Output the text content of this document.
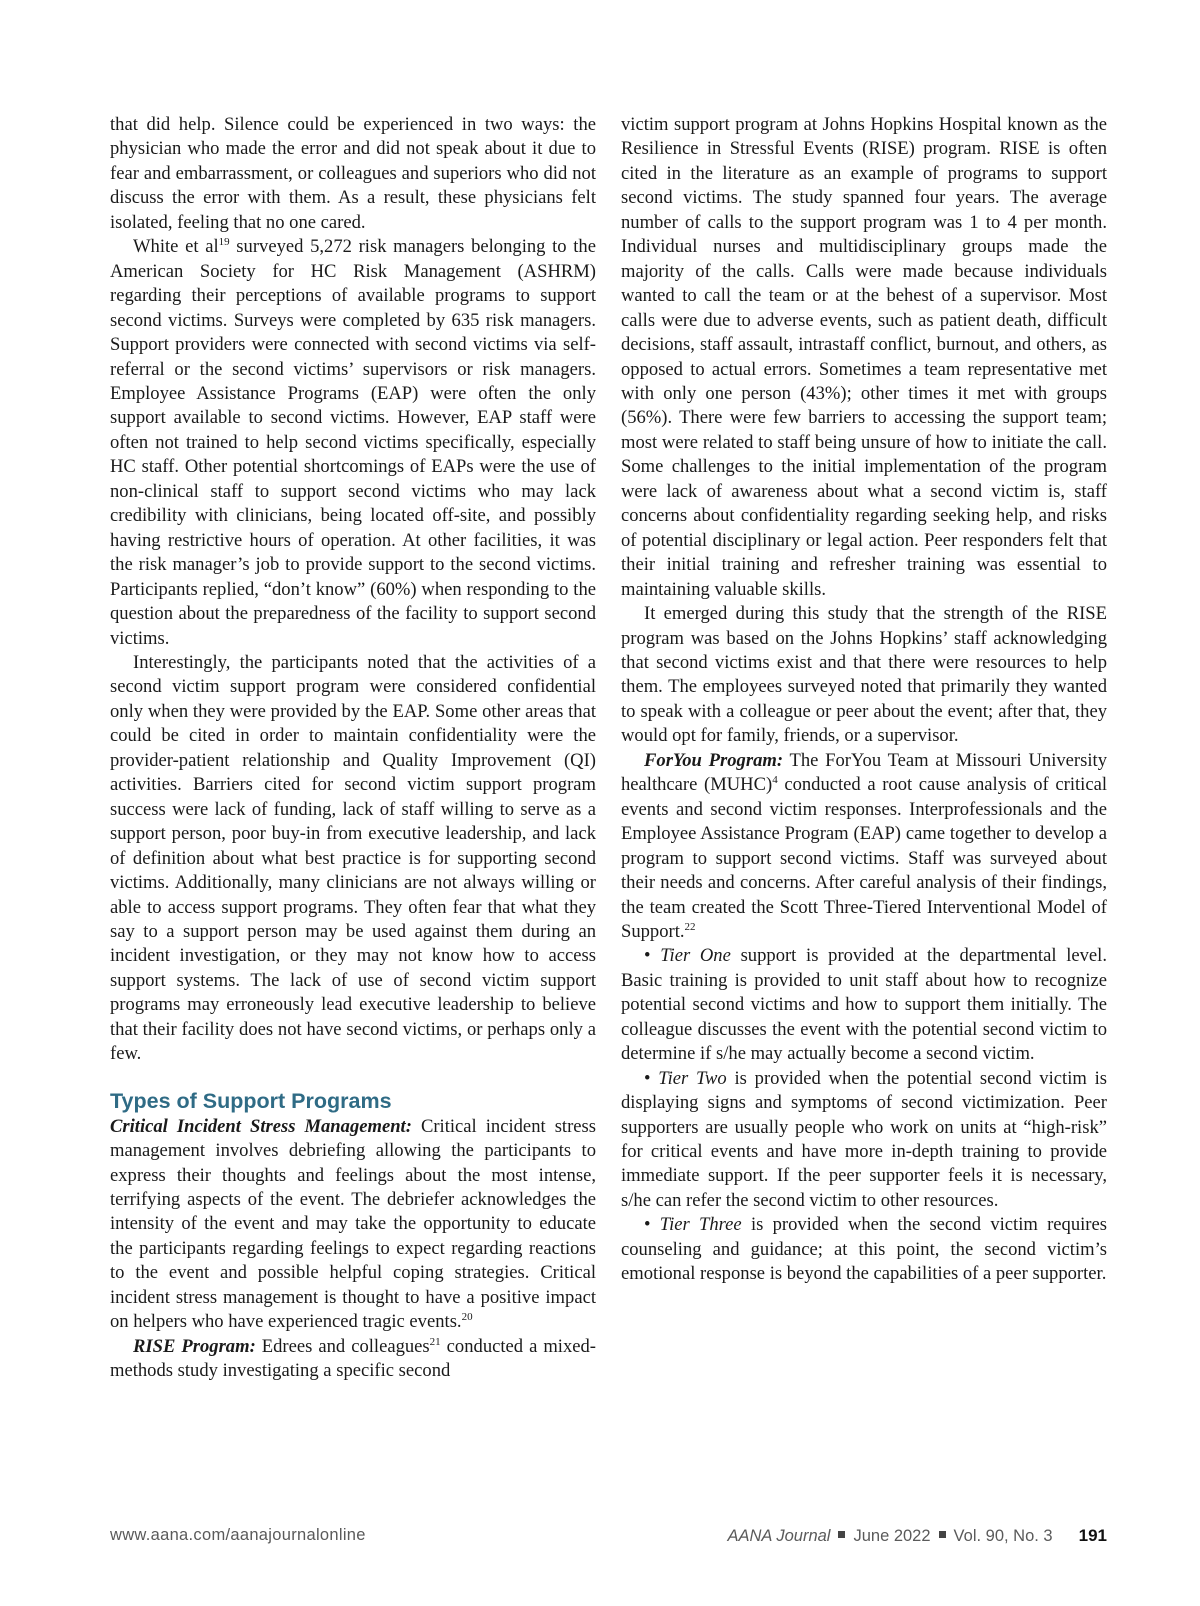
that did help. Silence could be experienced in two ways: the physician who made the error and did not speak about it due to fear and embarrassment, or colleagues and superiors who did not discuss the error with them. As a result, these physicians felt isolated, feeling that no one cared.

White et $al^{19}$ surveyed 5,272 risk managers belonging to the American Society for HC Risk Management (ASHRM) regarding their perceptions of available programs to support second victims. Surveys were completed by 635 risk managers. Support providers were connected with second victims via self-referral or the second victims’ supervisors or risk managers. Employee Assistance Programs (EAP) were often the only support available to second victims. However, EAP staff were often not trained to help second victims specifically, especially HC staff. Other potential shortcomings of EAPs were the use of non-clinical staff to support second victims who may lack credibility with clinicians, being located off-site, and possibly having restrictive hours of operation. At other facilities, it was the risk manager’s job to provide support to the second victims. Participants replied, “don’t know” (60%) when responding to the question about the preparedness of the facility to support second victims.

Interestingly, the participants noted that the activities of a second victim support program were considered confidential only when they were provided by the EAP. Some other areas that could be cited in order to maintain confidentiality were the provider-patient relationship and Quality Improvement (QI) activities. Barriers cited for second victim support program success were lack of funding, lack of staff willing to serve as a support person, poor buy-in from executive leadership, and lack of definition about what best practice is for supporting second victims. Additionally, many clinicians are not always willing or able to access support programs. They often fear that what they say to a support person may be used against them during an incident investigation, or they may not know how to access support systems. The lack of use of second victim support programs may erroneously lead executive leadership to believe that their facility does not have second victims, or perhaps only a few.

Types of Support Programs

Critical Incident Stress Management: Critical incident stress management involves debriefing allowing the participants to express their thoughts and feelings about the most intense, terrifying aspects of the event. The debriefer acknowledges the intensity of the event and may take the opportunity to educate the participants regarding feelings to expect regarding reactions to the event and possible helpful coping strategies. Critical incident stress management is thought to have a positive impact on helpers who have experienced tragic events.$^{20}$

RISE Program: Edrees and colleagues$^{21}$ conducted a mixed-methods study investigating a specific second

victim support program at Johns Hopkins Hospital known as the Resilience in Stressful Events (RISE) program. RISE is often cited in the literature as an example of programs to support second victims. The study spanned four years. The average number of calls to the support program was 1 to 4 per month. Individual nurses and multidisciplinary groups made the majority of the calls. Calls were made because individuals wanted to call the team or at the behest of a supervisor. Most calls were due to adverse events, such as patient death, difficult decisions, staff assault, intrastaff conflict, burnout, and others, as opposed to actual errors. Sometimes a team representative met with only one person (43%); other times it met with groups (56%). There were few barriers to accessing the support team; most were related to staff being unsure of how to initiate the call. Some challenges to the initial implementation of the program were lack of awareness about what a second victim is, staff concerns about confidentiality regarding seeking help, and risks of potential disciplinary or legal action. Peer responders felt that their initial training and refresher training was essential to maintaining valuable skills.

It emerged during this study that the strength of the RISE program was based on the Johns Hopkins’ staff acknowledging that second victims exist and that there were resources to help them. The employees surveyed noted that primarily they wanted to speak with a colleague or peer about the event; after that, they would opt for family, friends, or a supervisor.

ForYou Program: The ForYou Team at Missouri University healthcare (MUHC)$^4$ conducted a root cause analysis of critical events and second victim responses. Interprofessionals and the Employee Assistance Program (EAP) came together to develop a program to support second victims. Staff was surveyed about their needs and concerns. After careful analysis of their findings, the team created the Scott Three-Tiered Interventional Model of Support.$^{22}$

• Tier One support is provided at the departmental level. Basic training is provided to unit staff about how to recognize potential second victims and how to support them initially. The colleague discusses the event with the potential second victim to determine if s/he may actually become a second victim.

• Tier Two is provided when the potential second victim is displaying signs and symptoms of second victimization. Peer supporters are usually people who work on units at “high-risk” for critical events and have more in-depth training to provide immediate support. If the peer supporter feels it is necessary, s/he can refer the second victim to other resources.

• Tier Three is provided when the second victim requires counseling and guidance; at this point, the second victim’s emotional response is beyond the capabilities of a peer supporter.

www.aana.com/aanajournalonline	AANA Journal June 2022 Vol. 90, No. 3 191
